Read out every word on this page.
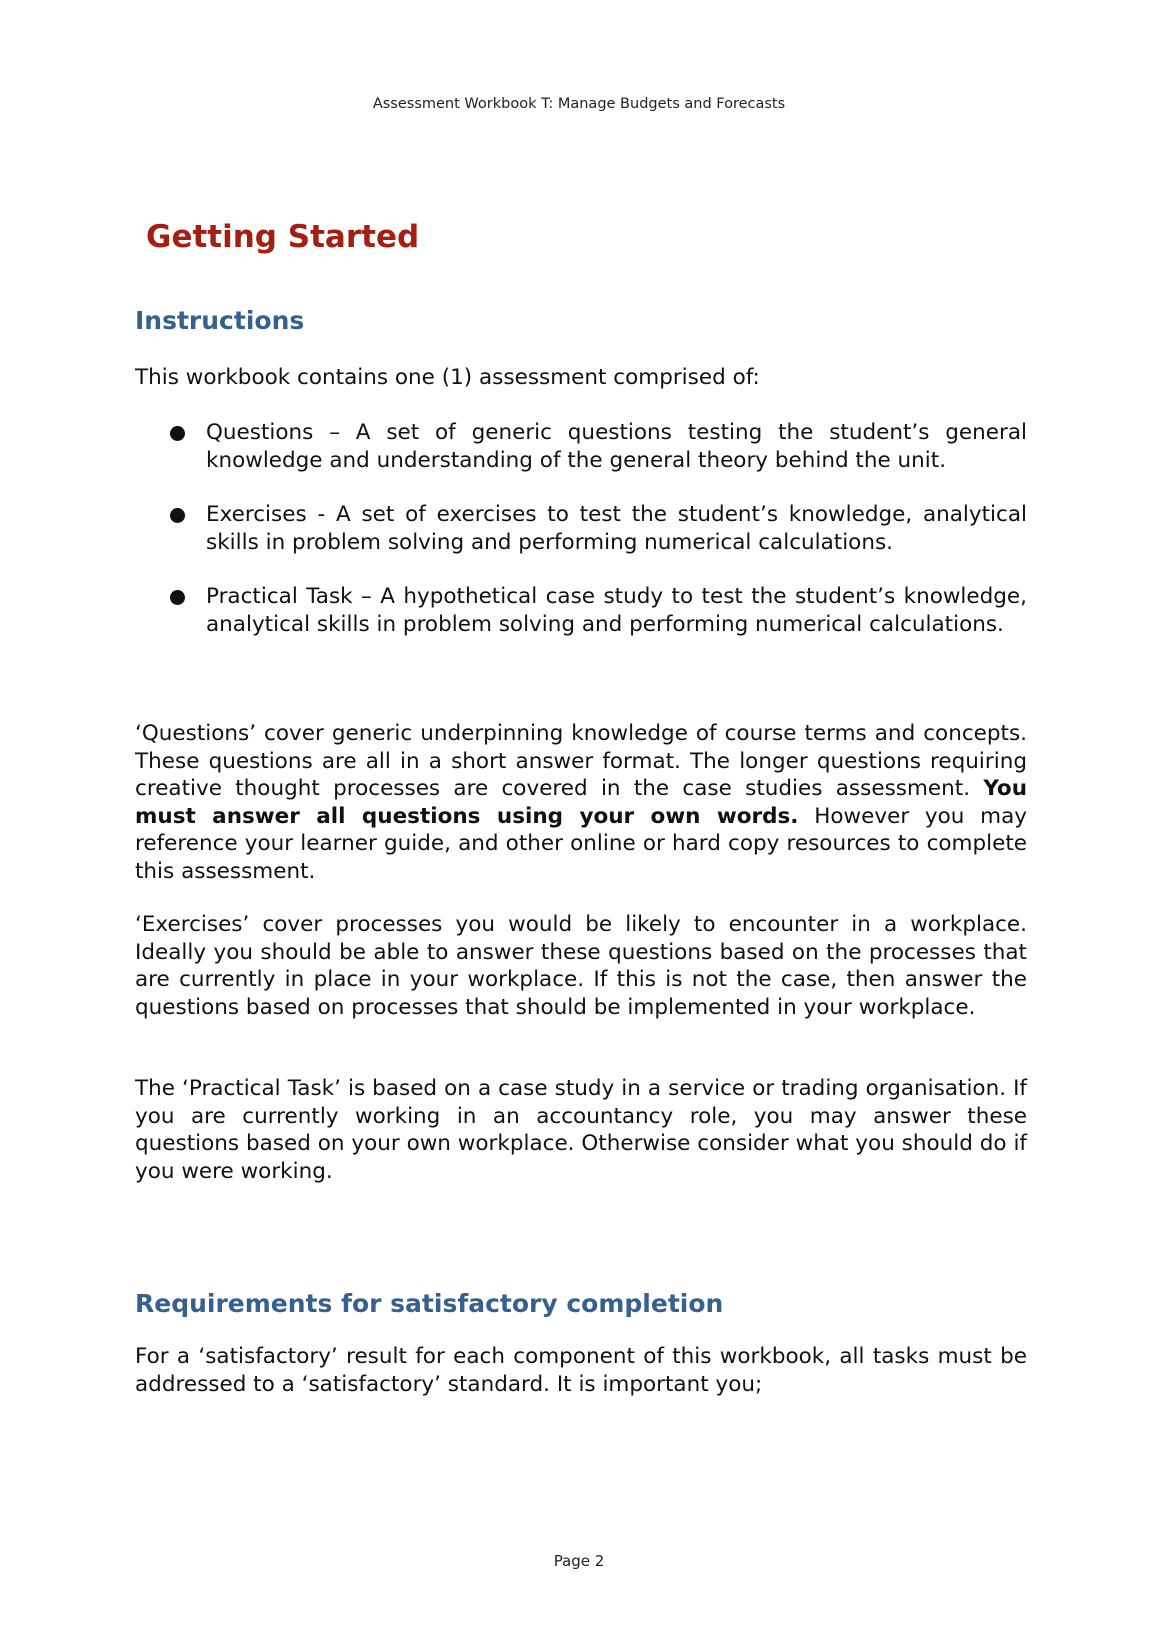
Assessment Workbook T: Manage Budgets and Forecasts
Getting Started
Instructions

This workbook contains one (1) assessment comprised of:

Questions – A set of generic questions testing the student’s general knowledge and understanding of the general theory behind the unit.
Exercises - A set of exercises to test the student’s knowledge, analytical skills in problem solving and performing numerical calculations.
Practical Task – A hypothetical case study to test the student’s knowledge, analytical skills in problem solving and performing numerical calculations.

‘Questions’ cover generic underpinning knowledge of course terms and concepts. These questions are all in a short answer format. The longer questions requiring creative thought processes are covered in the case studies assessment. You must answer all questions using your own words. However you may reference your learner guide, and other online or hard copy resources to complete this assessment.

‘Exercises’ cover processes you would be likely to encounter in a workplace. Ideally you should be able to answer these questions based on the processes that are currently in place in your workplace. If this is not the case, then answer the questions based on processes that should be implemented in your workplace.

The ‘Practical Task’ is based on a case study in a service or trading organisation. If you are currently working in an accountancy role, you may answer these questions based on your own workplace. Otherwise consider what you should do if you were working.

Requirements for satisfactory completion

For a ‘satisfactory’ result for each component of this workbook, all tasks must be addressed to a ‘satisfactory’ standard. It is important you;

Page 2
